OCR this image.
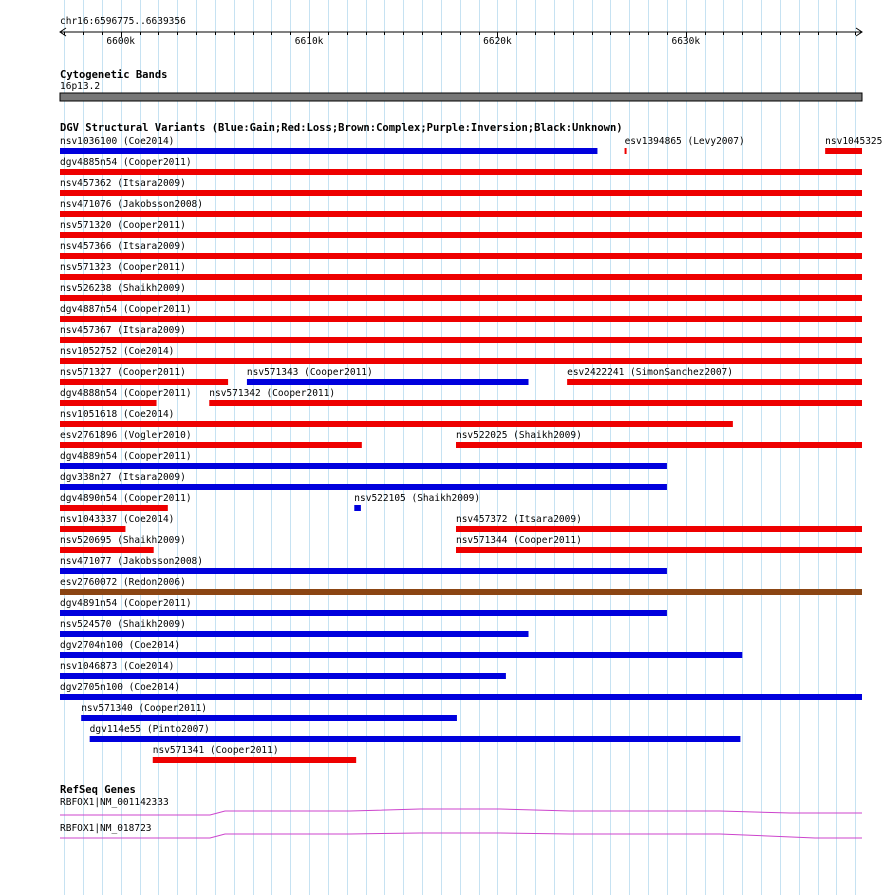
chr16:6596775..6639356
6600k	6610k	6620k	6630k
Cytogenetic Bands
16p13.2
DGV Structural Variants (Blue:Gain;Red:Loss;Brown:Complex;Purple:Inversion;Black:Unknown)
nsv1036100 (Coe2014)	esv1394865 (Levy2007)	nsv1045325
dgv4885n54 (Cooper2011)
nsv457362 (Itsara2009)
nsv471076 (Jakobsson2008)
nsv571320 (Cooper2011)
nsv457366 (Itsara2009)
nsv571323 (Cooper2011)
nsv526238 (Shaikh2009)
dgv4887n54 (Cooper2011)
nsv457367 (Itsara2009)
nsv1052752 (Coe2014)
nsv571327 (Cooper2011)	nsv571343 (Cooper2011)	esv2422241 (SimonSanchez2007)
dgv4888n54 (Cooper2011) nsv571342 (Cooper2011)
nsv1051618 (Coe2014)
esv2761896 (Vogler2010)	nsv522025 (Shaikh2009)
dgv4889n54 (Cooper2011)
dgv338n27 (Itsara2009)
dgv4890n54 (Cooper2011)	nsv522105 (Shaikh2009)
nsv1043337 (Coe2014)	nsv457372 (Itsara2009)
nsv520695 (Shaikh2009)	nsv571344 (Cooper2011)
nsv471077 (Jakobsson2008)
esv2760072 (Redon2006)
dgv4891n54 (Cooper2011)
nsv524570 (Shaikh2009)
dgv2704n100 (Coe2014)
nsv1046873 (Coe2014)
dgv2705n100 (Coe2014)
nsv571340 (Cooper2011)
dgv114e55 (Pinto2007)
nsv571341 (Cooper2011)
RefSeq Genes
RBFOX1|NM_001142333
RBFOX1|NM_018723
